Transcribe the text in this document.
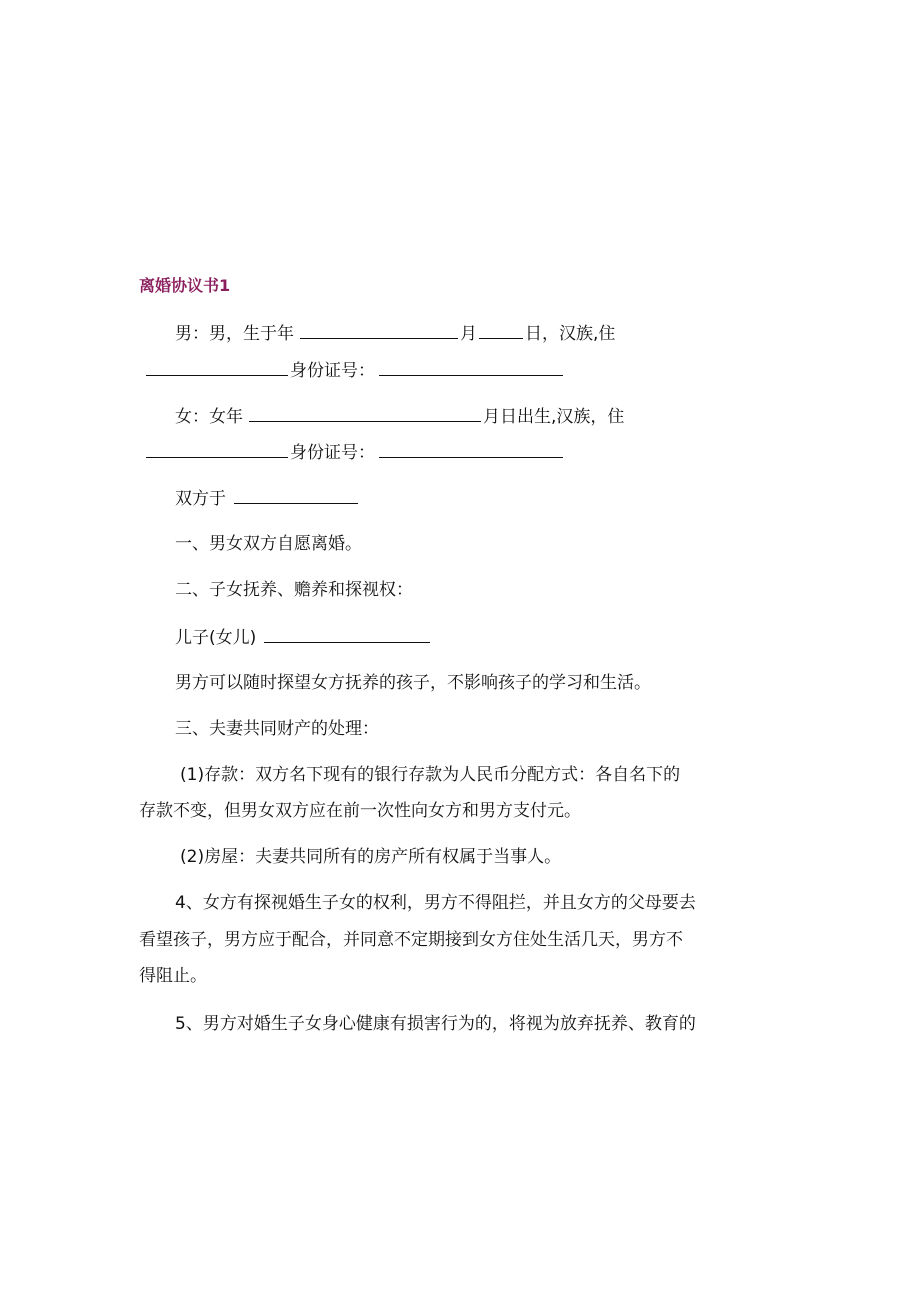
离婚协议书1
男：男，生于年	月	日，汉族,住
身份证号：
女：女年	月日出生,汉族，住
身份证号：
双方于
一、男女双方自愿离婚。
二、子女抚养、赡养和探视权：
儿子(女儿)
男方可以随时探望女方抚养的孩子，不影响孩子的学习和生活。
三、夫妻共同财产的处理：
(1)存款：双方名下现有的银行存款为人民币分配方式：各自名下的
存款不变，但男女双方应在前一次性向女方和男方支付元。
(2)房屋：夫妻共同所有的房产所有权属于当事人。
4、女方有探视婚生子女的权利，男方不得阻拦，并且女方的父母要去
看望孩子，男方应于配合，并同意不定期接到女方住处生活几天，男方不
得阻止。
5、男方对婚生子女身心健康有损害行为的，将视为放弃抚养、教育的
